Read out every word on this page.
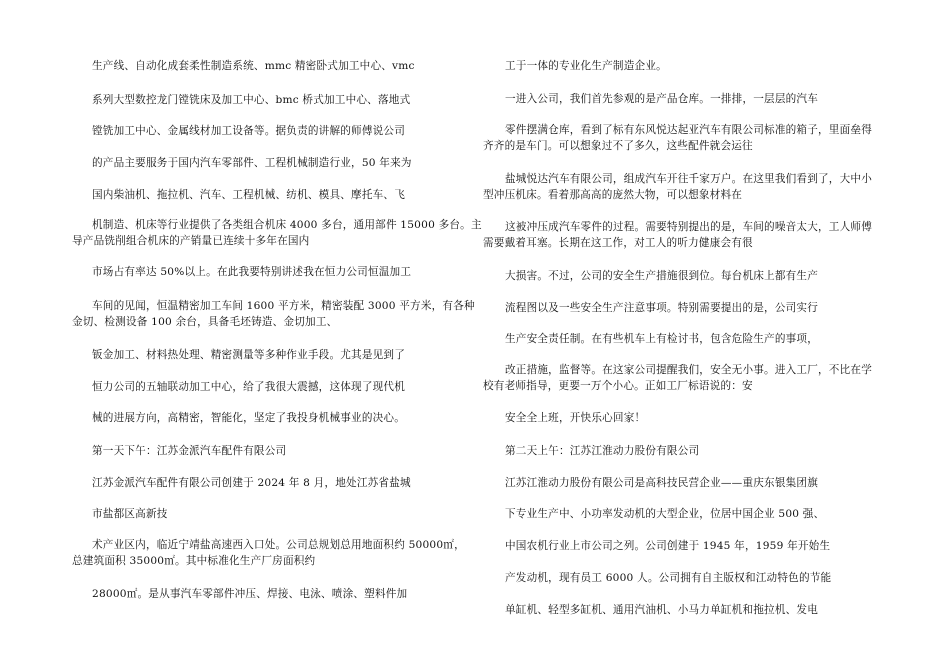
生产线、自动化成套柔性制造系统、mmc 精密卧式加工中心、vmc
系列大型数控龙门镗铣床及加工中心、bmc 桥式加工中心、落地式
镗铣加工中心、金属线材加工设备等。据负责的讲解的师傅说公司
的产品主要服务于国内汽车零部件、工程机械制造行业，50 年来为
国内柴油机、拖拉机、汽车、工程机械、纺机、模具、摩托车、飞
机制造、机床等行业提供了各类组合机床 4000 多台，通用部件 15000 多台。主
导产品铣削组合机床的产销量已连续十多年在国内
市场占有率达 50%以上。在此我要特别讲述我在恒力公司恒温加工
车间的见闻，恒温精密加工车间 1600 平方米，精密装配 3000 平方米，有各种
金切、检测设备 100 余台，具备毛坯铸造、金切加工、
钣金加工、材料热处理、精密测量等多种作业手段。尤其是见到了
恒力公司的五轴联动加工中心，给了我很大震撼，这体现了现代机
械的进展方向，高精密，智能化，坚定了我投身机械事业的决心。
第一天下午：江苏金派汽车配件有限公司
江苏金派汽车配件有限公司创建于 2024 年 8 月，地处江苏省盐城
市盐都区高新技
术产业区内，临近宁靖盐高速西入口处。公司总规划总用地面积约 50000㎡，
总建筑面积 35000㎡。其中标准化生产厂房面积约
28000㎡。是从事汽车零部件冲压、焊接、电泳、喷涂、塑料件加
工于一体的专业化生产制造企业。
一进入公司，我们首先参观的是产品仓库。一排排，一层层的汽车
零件摆满仓库，看到了标有东风悦达起亚汽车有限公司标准的箱子，里面垒得
齐齐的是车门。可以想象过不了多久，这些配件就会运往
盐城悦达汽车有限公司，组成汽车开往千家万户。在这里我们看到了，大中小
型冲压机床。看着那高高的庞然大物，可以想象材料在
这被冲压成汽车零件的过程。需要特别提出的是，车间的噪音太大，工人师傅
需要戴着耳塞。长期在这工作，对工人的听力健康会有很
大损害。不过，公司的安全生产措施很到位。每台机床上都有生产
流程图以及一些安全生产注意事项。特别需要提出的是，公司实行
生产安全责任制。在有些机车上有检讨书，包含危险生产的事项，
改正措施，监督等。在这家公司提醒我们，安全无小事。进入工厂，不比在学
校有老师指导，更要一万个小心。正如工厂标语说的：安
安全全上班，开快乐心回家！
第二天上午：江苏江淮动力股份有限公司
江苏江淮动力股份有限公司是高科技民营企业——重庆东银集团旗
下专业生产中、小功率发动机的大型企业，位居中国企业 500 强、
中国农机行业上市公司之列。公司创建于 1945 年，1959 年开始生
产发动机，现有员工 6000 人。公司拥有自主版权和江动特色的节能
单缸机、轻型多缸机、通用汽油机、小马力单缸机和拖拉机、发电
